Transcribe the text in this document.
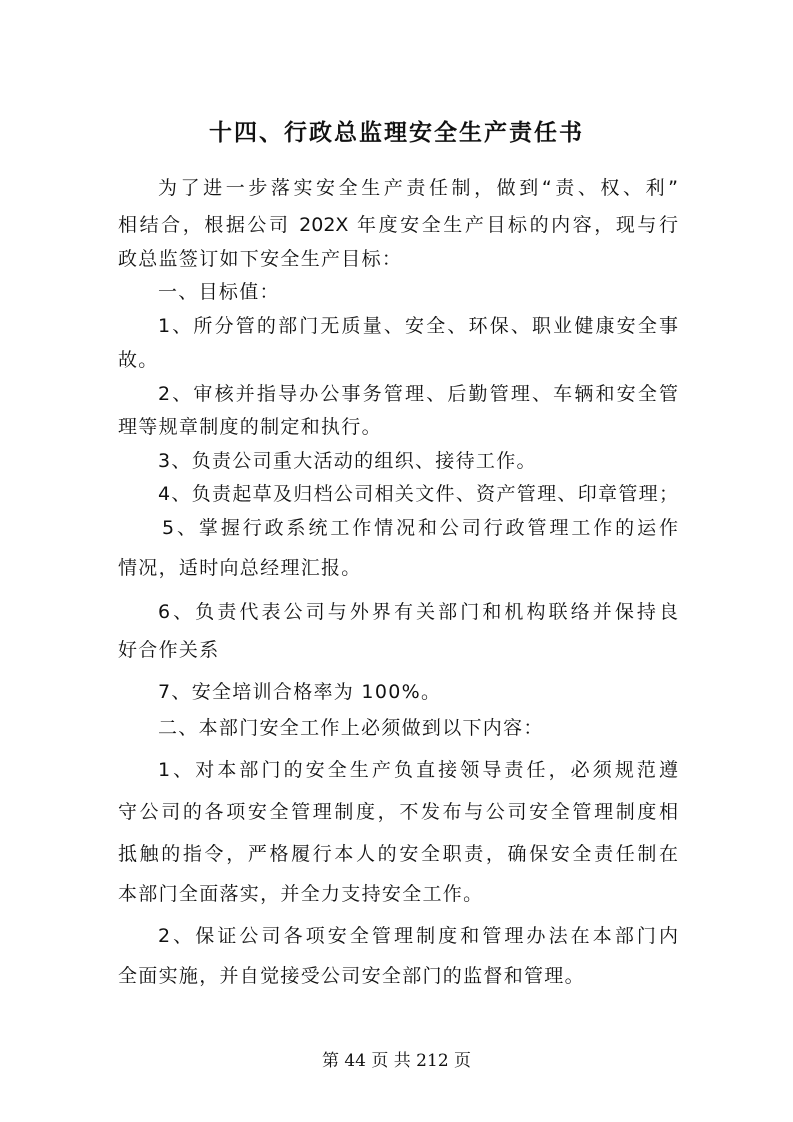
十四、行政总监理安全生产责任书
为了进一步落实安全生产责任制，做到“责、权、利”
相结合，根据公司 202X 年度安全生产目标的内容，现与行
政总监签订如下安全生产目标：
一、目标值：
1、所分管的部门无质量、安全、环保、职业健康安全事
故。
2、审核并指导办公事务管理、后勤管理、车辆和安全管
理等规章制度的制定和执行。
3、负责公司重大活动的组织、接待工作。
4、负责起草及归档公司相关文件、资产管理、印章管理；
5、掌握行政系统工作情况和公司行政管理工作的运作
情况，适时向总经理汇报。
6、负责代表公司与外界有关部门和机构联络并保持良
好合作关系
7、安全培训合格率为 100%。
二、本部门安全工作上必须做到以下内容：
1、对本部门的安全生产负直接领导责任，必须规范遵
守公司的各项安全管理制度，不发布与公司安全管理制度相
抵触的指令，严格履行本人的安全职责，确保安全责任制在
本部门全面落实，并全力支持安全工作。
2、保证公司各项安全管理制度和管理办法在本部门内
全面实施，并自觉接受公司安全部门的监督和管理。
第 44 页 共 212 页
